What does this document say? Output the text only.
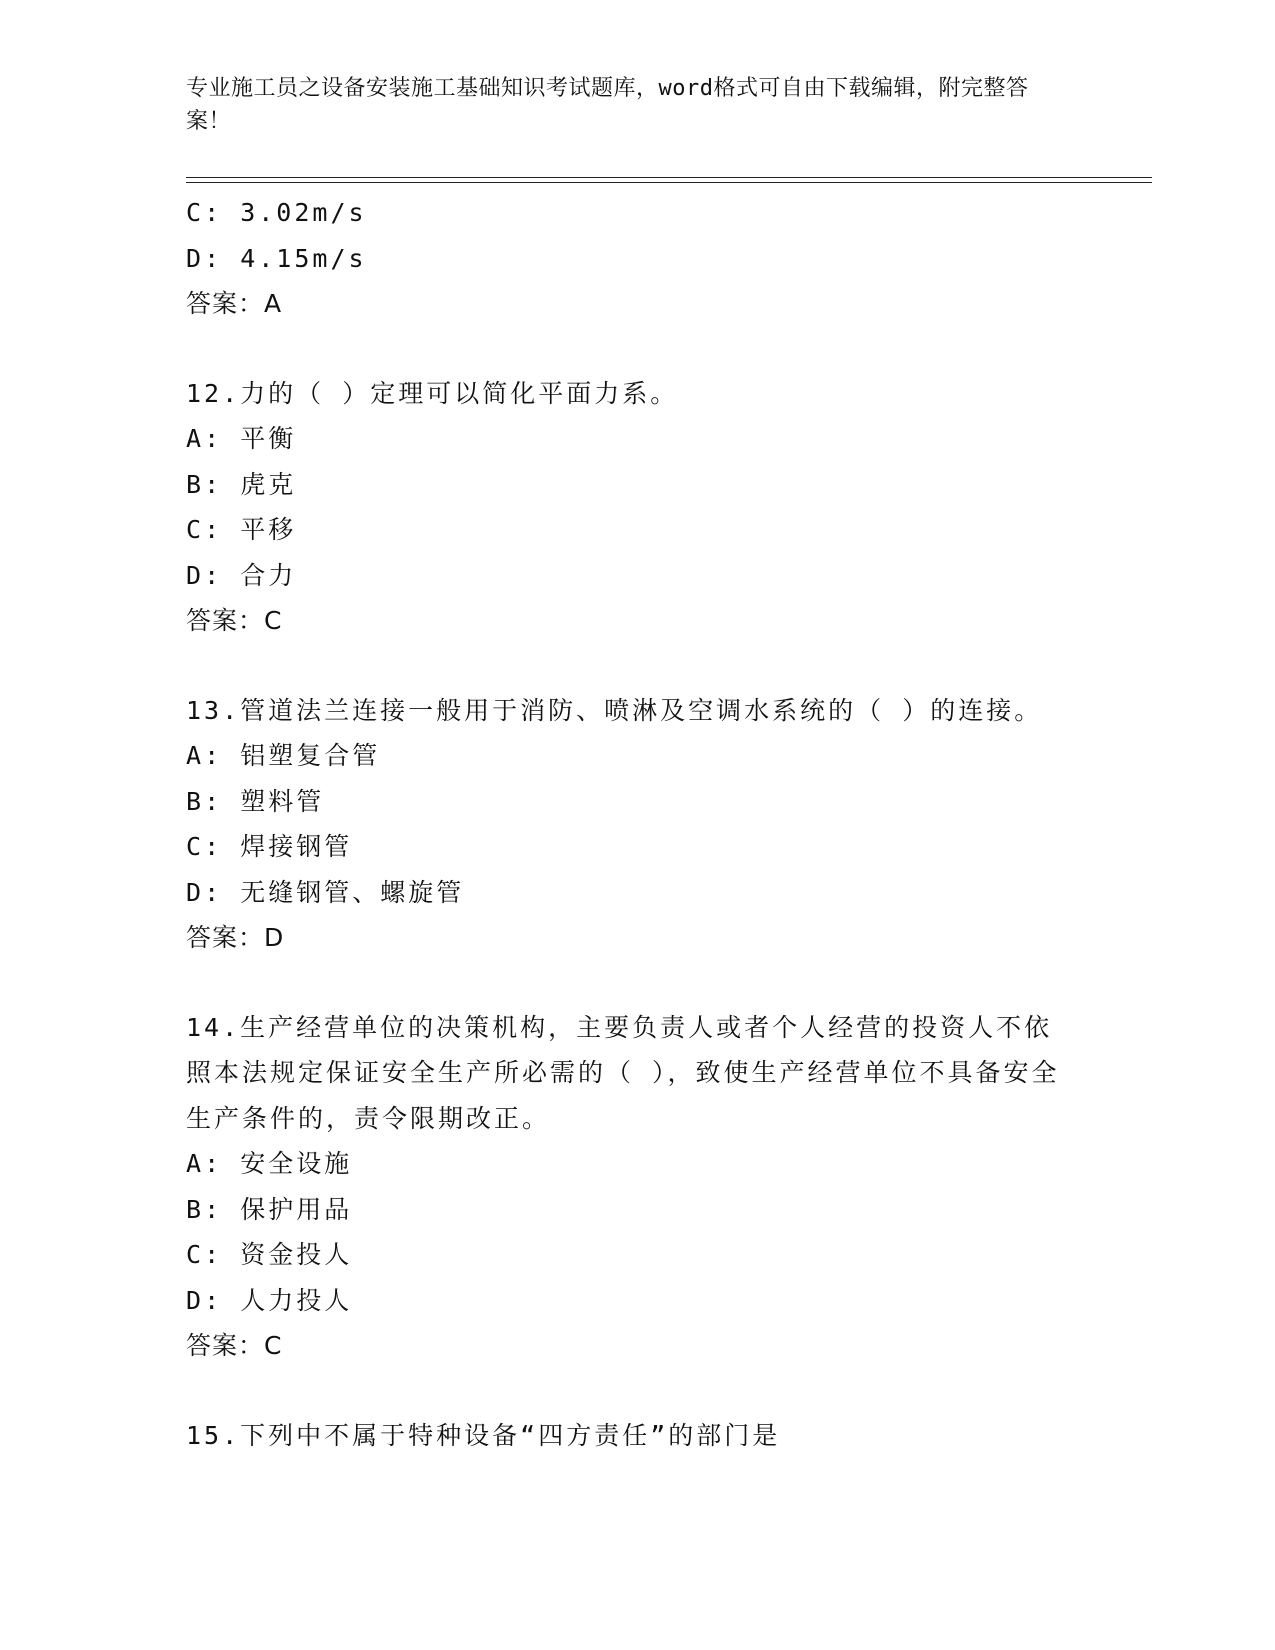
专业施工员之设备安装施工基础知识考试题库，word格式可自由下载编辑，附完整答案！
C: 3.02m/s
D: 4.15m/s
答案：A
12.力的（ ）定理可以简化平面力系。
A: 平衡
B: 虎克
C: 平移
D: 合力
答案：C
13.管道法兰连接一般用于消防、喷淋及空调水系统的（ ）的连接。
A: 铝塑复合管
B: 塑料管
C: 焊接钢管
D: 无缝钢管、螺旋管
答案：D
14.生产经营单位的决策机构，主要负责人或者个人经营的投资人不依照本法规定保证安全生产所必需的（ ），致使生产经营单位不具备安全生产条件的，责令限期改正。
A: 安全设施
B: 保护用品
C: 资金投人
D: 人力投人
答案：C
15.下列中不属于特种设备“四方责任”的部门是
